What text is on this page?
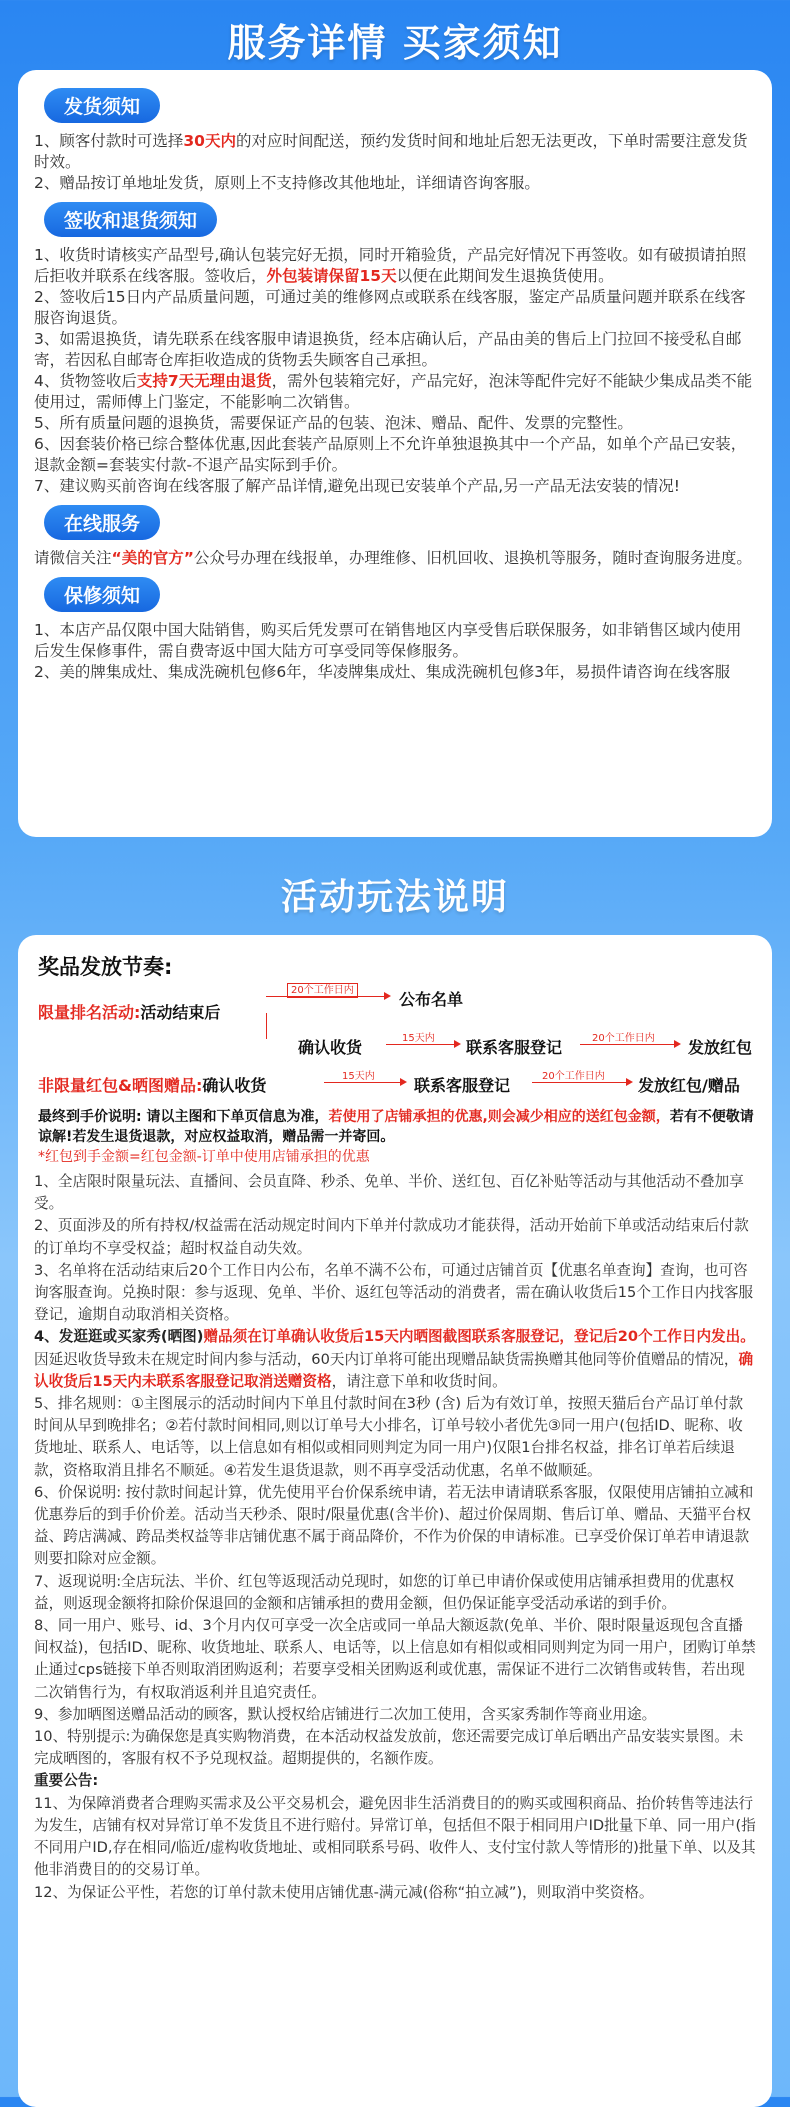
服务详情 买家须知
发货须知

1、顾客付款时可选择30天内的对应时间配送，预约发货时间和地址后恕无法更改，下单时需要注意发货时效。

2、赠品按订单地址发货，原则上不支持修改其他地址，详细请咨询客服。

签收和退货须知

1、收货时请核实产品型号,确认包装完好无损，同时开箱验货，产品完好情况下再签收。如有破损请拍照后拒收并联系在线客服。签收后，外包装请保留15天以便在此期间发生退换货使用。

2、签收后15日内产品质量问题，可通过美的维修网点或联系在线客服，鉴定产品质量问题并联系在线客服咨询退货。

3、如需退换货，请先联系在线客服申请退换货，经本店确认后，产品由美的售后上门拉回不接受私自邮寄，若因私自邮寄仓库拒收造成的货物丢失顾客自己承担。

4、货物签收后支持7天无理由退货，需外包装箱完好，产品完好，泡沫等配件完好不能缺少集成品类不能使用过，需师傅上门鉴定，不能影响二次销售。

5、所有质量问题的退换货，需要保证产品的包装、泡沫、赠品、配件、发票的完整性。

6、因套装价格已综合整体优惠,因此套装产品原则上不允许单独退换其中一个产品，如单个产品已安装，退款金额=套装实付款-不退产品实际到手价。

7、建议购买前咨询在线客服了解产品详情,避免出现已安装单个产品,另一产品无法安装的情况!

在线服务

请微信关注“美的官方”公众号办理在线报单，办理维修、旧机回收、退换机等服务，随时查询服务进度。

保修须知

1、本店产品仅限中国大陆销售，购买后凭发票可在销售地区内享受售后联保服务，如非销售区域内使用后发生保修事件，需自费寄返中国大陆方可享受同等保修服务。

2、美的牌集成灶、集成洗碗机包修6年，华凌牌集成灶、集成洗碗机包修3年，易损件请咨询在线客服

活动玩法说明
奖品发放节奏:
限量排名活动:活动结束后
20个工作日内	公布名单
确认收货	15天内 联系客服登记	20个工作日内 发放红包
非限量红包&晒图赠品:确认收货	15天内 联系客服登记	20个工作日内 发放红包/赠品
最终到手价说明: 请以主图和下单页信息为准，若使用了店铺承担的优惠,则会减少相应的送红包金额，若有不便敬请谅解!若发生退货退款，对应权益取消，赠品需一并寄回。
*红包到手金额=红包金额-订单中使用店铺承担的优惠

1、全店限时限量玩法、直播间、会员直降、秒杀、免单、半价、送红包、百亿补贴等活动与其他活动不叠加享受。

2、页面涉及的所有持权/权益需在活动规定时间内下单并付款成功才能获得，活动开始前下单或活动结束后付款的订单均不享受权益；超时权益自动失效。

3、名单将在活动结束后20个工作日内公布，名单不满不公布，可通过店铺首页【优惠名单查询】查询，也可咨询客服查询。兑换时限：参与返现、免单、半价、返红包等活动的消费者，需在确认收货后15个工作日内找客服登记，逾期自动取消相关资格。

4、发逛逛或买家秀(晒图)赠品须在订单确认收货后15天内晒图截图联系客服登记，登记后20个工作日内发出。因延迟收货导致未在规定时间内参与活动，60天内订单将可能出现赠品缺货需换赠其他同等价值赠品的情况，确认收货后15天内未联系客服登记取消送赠资格，请注意下单和收货时间。

5、排名规则：①主图展示的活动时间内下单且付款时间在3秒 (含) 后为有效订单，按照天猫后台产品订单付款时间从早到晚排名；②若付款时间相同,则以订单号大小排名，订单号较小者优先③同一用户(包括ID、昵称、收货地址、联系人、电话等，以上信息如有相似或相同则判定为同一用户)仅限1台排名权益，排名订单若后续退款，资格取消且排名不顺延。④若发生退货退款，则不再享受活动优惠，名单不做顺延。

6、价保说明: 按付款时间起计算，优先使用平台价保系统申请，若无法申请请联系客服，仅限使用店铺拍立减和优惠券后的到手价价差。活动当天秒杀、限时/限量优惠(含半价)、超过价保周期、售后订单、赠品、天猫平台权益、跨店满减、跨品类权益等非店铺优惠不属于商品降价，不作为价保的申请标准。已享受价保订单若申请退款则要扣除对应金额。

7、返现说明:全店玩法、半价、红包等返现活动兑现时，如您的订单已申请价保或使用店铺承担费用的优惠权益，则返现金额将扣除价保退回的金额和店铺承担的费用金额，但仍保证能享受活动承诺的到手价。

8、同一用户、账号、id、3个月内仅可享受一次全店或同一单品大额返款(免单、半价、限时限量返现包含直播间权益)，包括ID、昵称、收货地址、联系人、电话等，以上信息如有相似或相同则判定为同一用户，团购订单禁止通过cps链接下单否则取消团购返利；若要享受相关团购返利或优惠，需保证不进行二次销售或转售，若出现二次销售行为，有权取消返利并且追究责任。

9、参加晒图送赠品活动的顾客，默认授权给店铺进行二次加工使用，含买家秀制作等商业用途。

10、特别提示:为确保您是真实购物消费，在本活动权益发放前，您还需要完成订单后晒出产品安装实景图。未完成晒图的，客服有权不予兑现权益。超期提供的，名额作废。

重要公告:

11、为保障消费者合理购买需求及公平交易机会，避免因非生活消费目的的购买或囤积商品、抬价转售等违法行为发生，店铺有权对异常订单不发货且不进行赔付。异常订单，包括但不限于相同用户ID批量下单、同一用户(指不同用户ID,存在相同/临近/虚构收货地址、或相同联系号码、收件人、支付宝付款人等情形的)批量下单、以及其他非消费目的的交易订单。

12、为保证公平性，若您的订单付款未使用店铺优惠-满元减(俗称“拍立减”)，则取消中奖资格。
